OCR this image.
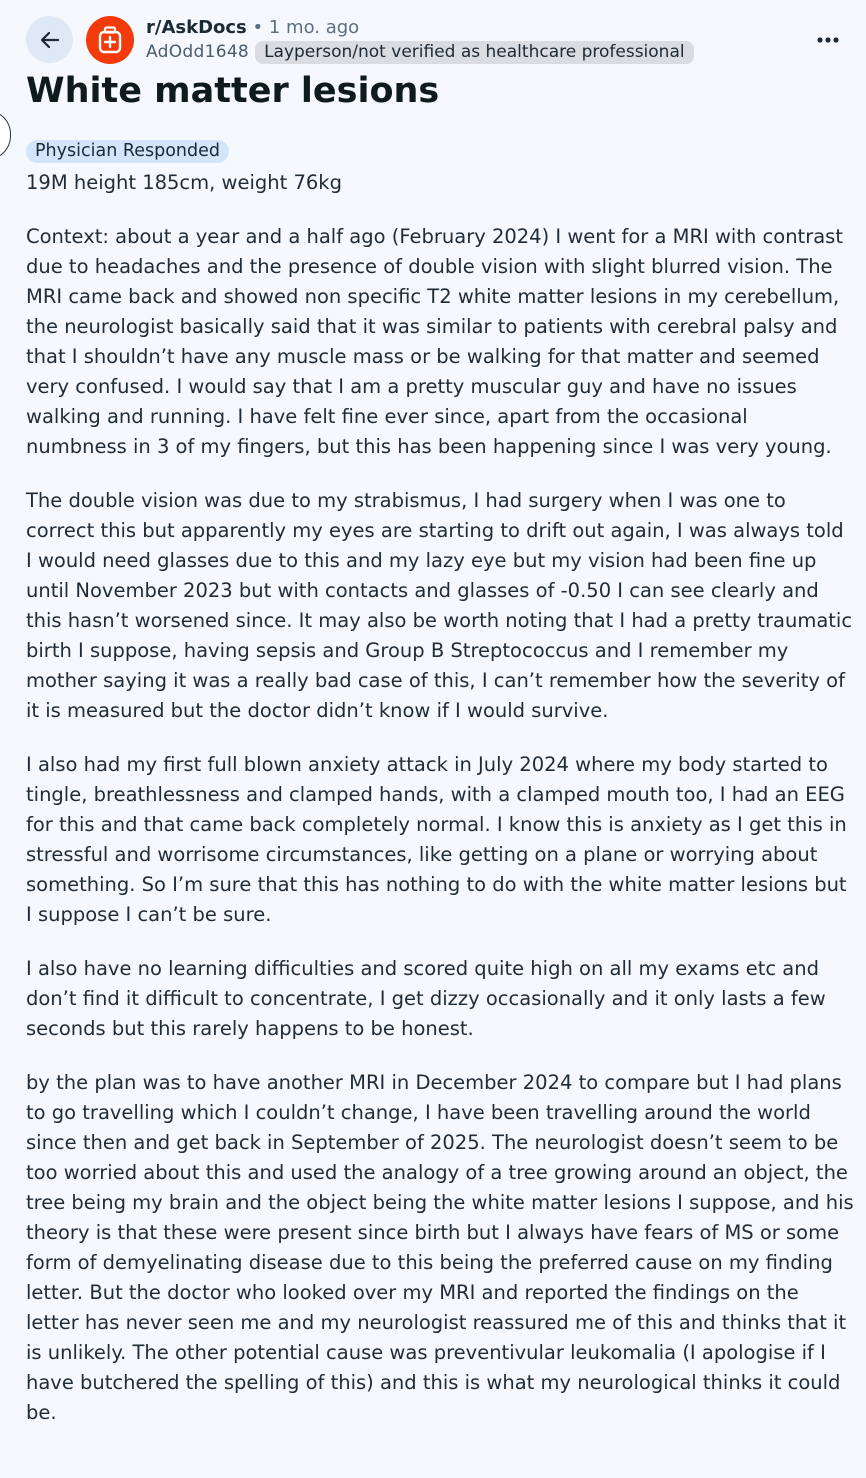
r/AskDocs • 1 mo. ago
AdOdd1648 Layperson/not verified as healthcare professional
White matter lesions
Physician Responded

19M height 185cm, weight 76kg

Context: about a year and a half ago (February 2024) I went for a MRI with contrast due to headaches and the presence of double vision with slight blurred vision. The MRI came back and showed non specific T2 white matter lesions in my cerebellum, the neurologist basically said that it was similar to patients with cerebral palsy and that I shouldn’t have any muscle mass or be walking for that matter and seemed very confused. I would say that I am a pretty muscular guy and have no issues walking and running. I have felt fine ever since, apart from the occasional numbness in 3 of my fingers, but this has been happening since I was very young.

The double vision was due to my strabismus, I had surgery when I was one to correct this but apparently my eyes are starting to drift out again, I was always told I would need glasses due to this and my lazy eye but my vision had been fine up until November 2023 but with contacts and glasses of -0.50 I can see clearly and this hasn’t worsened since. It may also be worth noting that I had a pretty traumatic birth I suppose, having sepsis and Group B Streptococcus and I remember my mother saying it was a really bad case of this, I can’t remember how the severity of it is measured but the doctor didn’t know if I would survive.

I also had my first full blown anxiety attack in July 2024 where my body started to tingle, breathlessness and clamped hands, with a clamped mouth too, I had an EEG for this and that came back completely normal. I know this is anxiety as I get this in stressful and worrisome circumstances, like getting on a plane or worrying about something. So I’m sure that this has nothing to do with the white matter lesions but I suppose I can’t be sure.

I also have no learning difficulties and scored quite high on all my exams etc and don’t find it difficult to concentrate, I get dizzy occasionally and it only lasts a few seconds but this rarely happens to be honest.

by the plan was to have another MRI in December 2024 to compare but I had plans to go travelling which I couldn’t change, I have been travelling around the world since then and get back in September of 2025. The neurologist doesn’t seem to be too worried about this and used the analogy of a tree growing around an object, the tree being my brain and the object being the white matter lesions I suppose, and his theory is that these were present since birth but I always have fears of MS or some form of demyelinating disease due to this being the preferred cause on my finding letter. But the doctor who looked over my MRI and reported the findings on the letter has never seen me and my neurologist reassured me of this and thinks that it is unlikely. The other potential cause was preventivular leukomalia (I apologise if I have butchered the spelling of this) and this is what my neurological thinks it could be.
